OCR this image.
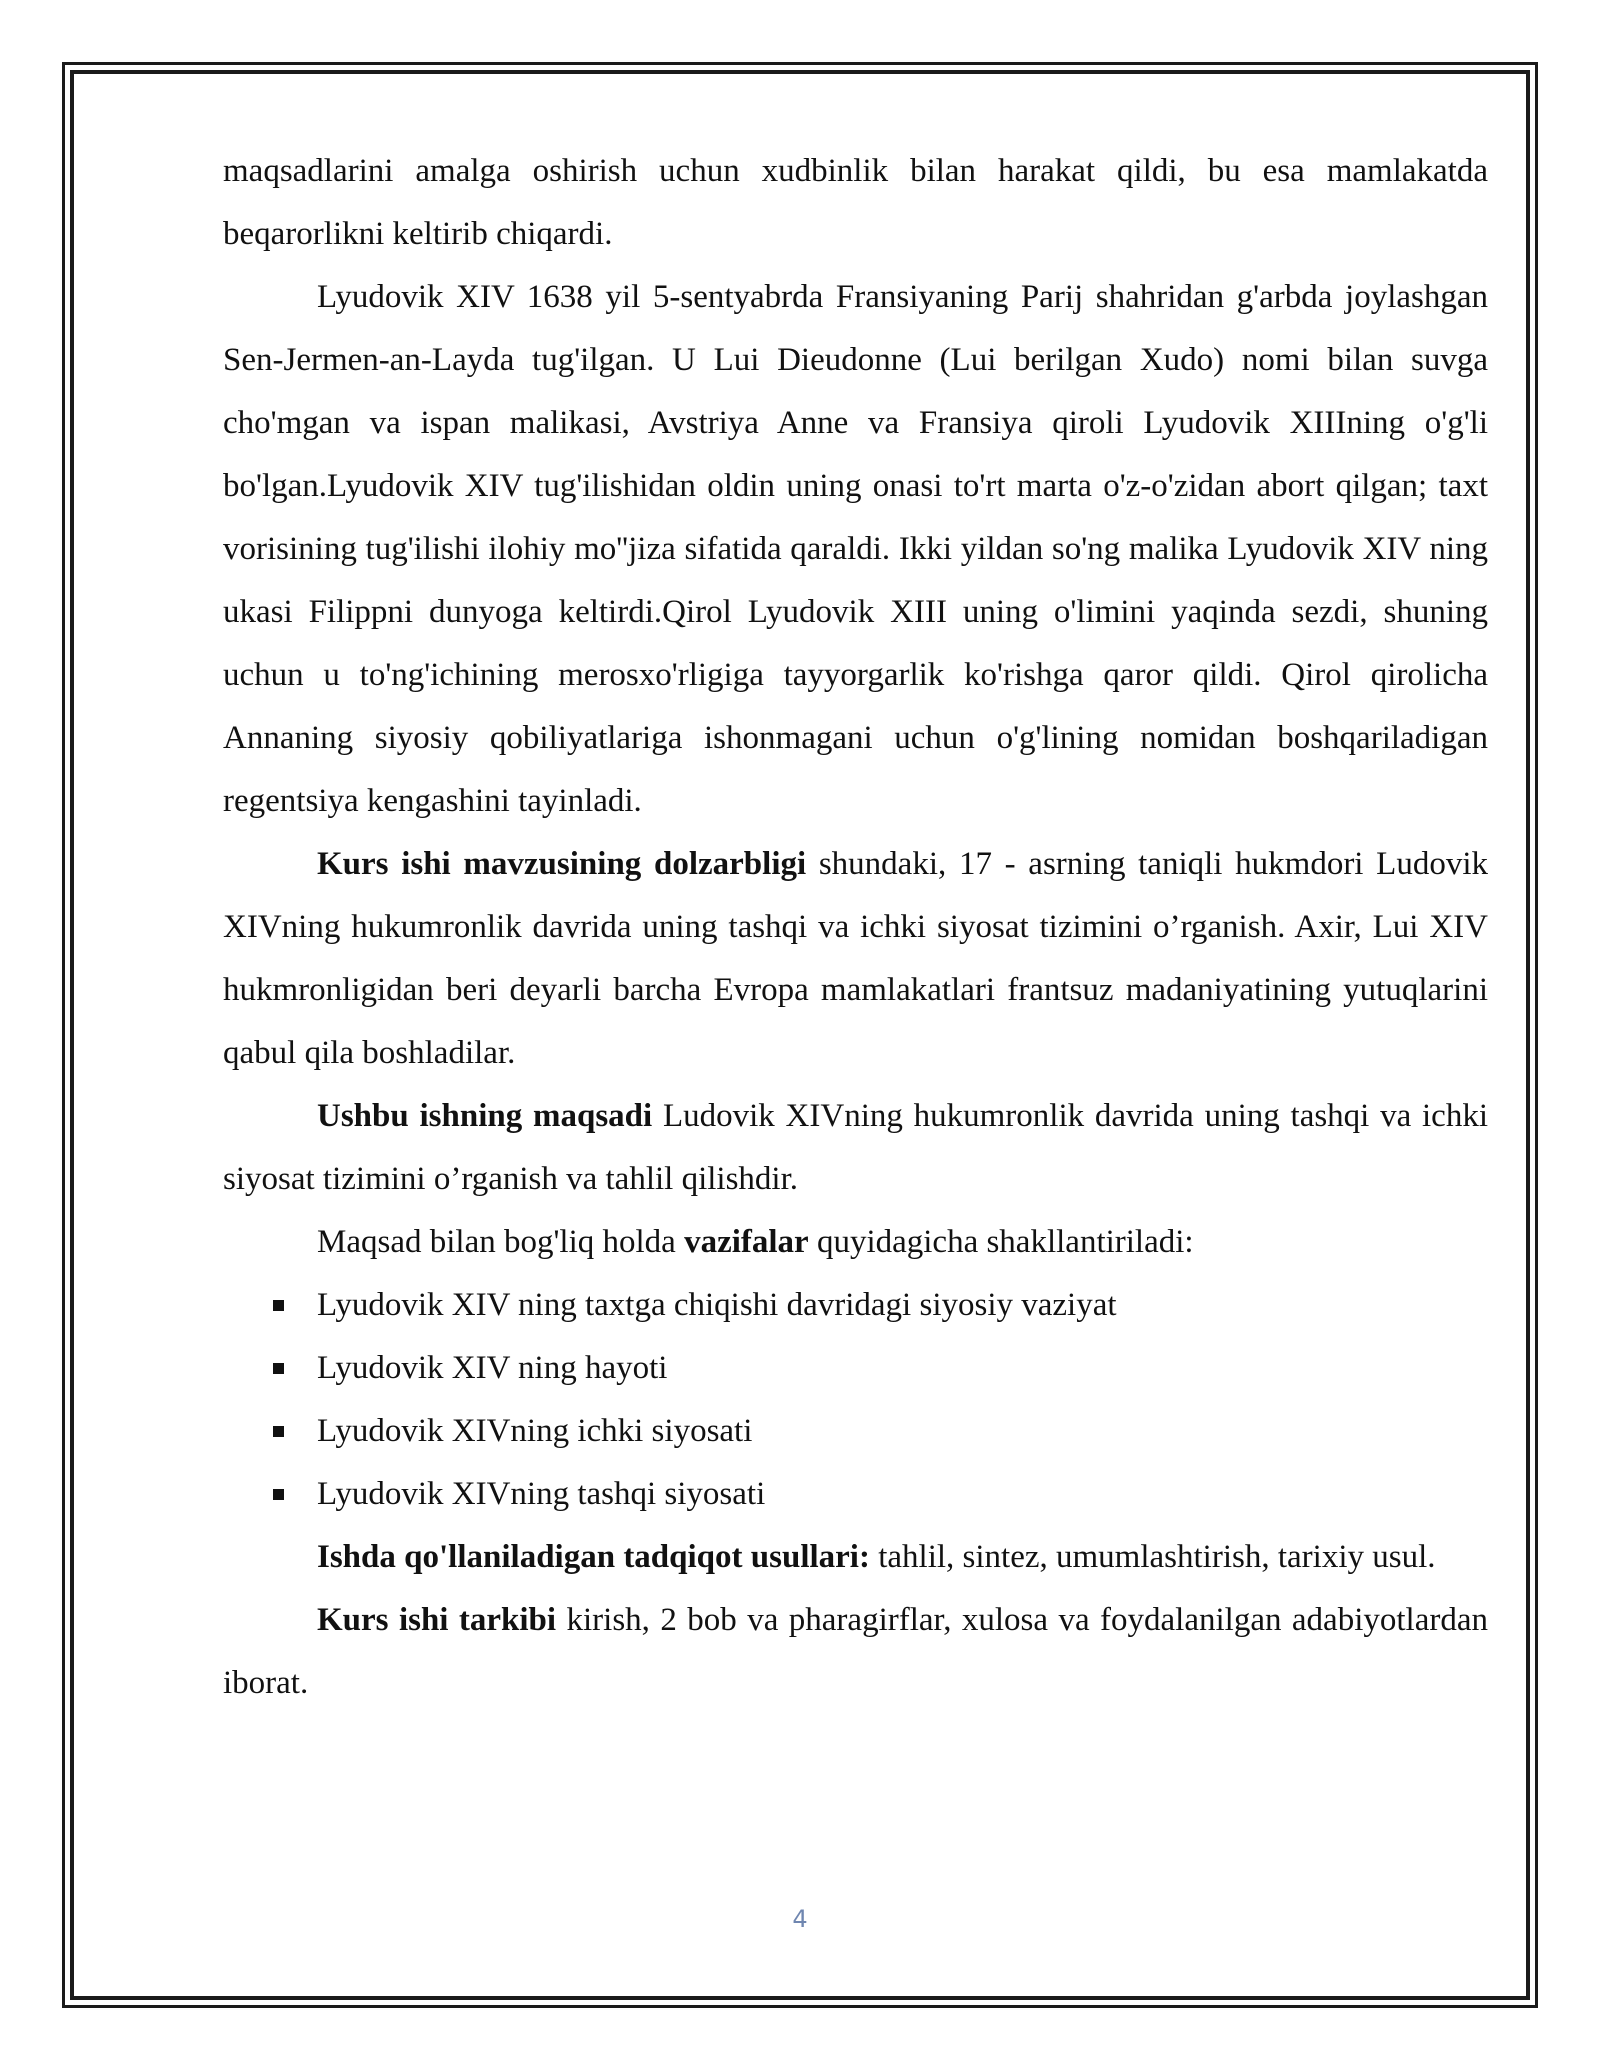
maqsadlarini amalga oshirish uchun xudbinlik bilan harakat qildi, bu esa mamlakatda beqarorlikni keltirib chiqardi.

Lyudovik XIV 1638 yil 5-sentyabrda Fransiyaning Parij shahridan g'arbda joylashgan Sen-Jermen-an-Layda tug'ilgan. U Lui Dieudonne (Lui berilgan Xudo) nomi bilan suvga cho'mgan va ispan malikasi, Avstriya Anne va Fransiya qiroli Lyudovik XIIIning o'g'li bo'lgan.Lyudovik XIV tug'ilishidan oldin uning onasi to'rt marta o'z-o'zidan abort qilgan; taxt vorisining tug'ilishi ilohiy mo''jiza sifatida qaraldi. Ikki yildan so'ng malika Lyudovik XIV ning ukasi Filippni dunyoga keltirdi.Qirol Lyudovik XIII uning o'limini yaqinda sezdi, shuning uchun u to'ng'ichining merosxo'rligiga tayyorgarlik ko'rishga qaror qildi. Qirol qirolicha Annaning siyosiy qobiliyatlariga ishonmagani uchun o'g'lining nomidan boshqariladigan regentsiya kengashini tayinladi.

Kurs ishi mavzusining dolzarbligi shundaki, 17 - asrning taniqli hukmdori Ludovik XIVning hukumronlik davrida uning tashqi va ichki siyosat tizimini o’rganish. Axir, Lui XIV hukmronligidan beri deyarli barcha Evropa mamlakatlari frantsuz madaniyatining yutuqlarini qabul qila boshladilar.

Ushbu ishning maqsadi Ludovik XIVning hukumronlik davrida uning tashqi va ichki siyosat tizimini o’rganish va tahlil qilishdir.

Maqsad bilan bog'liq holda vazifalar quyidagicha shakllantiriladi:

Lyudovik XIV ning taxtga chiqishi davridagi siyosiy vaziyat
Lyudovik XIV ning hayoti
Lyudovik XIVning ichki siyosati
Lyudovik XIVning tashqi siyosati

Ishda qo'llaniladigan tadqiqot usullari: tahlil, sintez, umumlashtirish, tarixiy usul.

Kurs ishi tarkibi kirish, 2 bob va pharagirflar, xulosa va foydalanilgan adabiyotlardan iborat.

4
